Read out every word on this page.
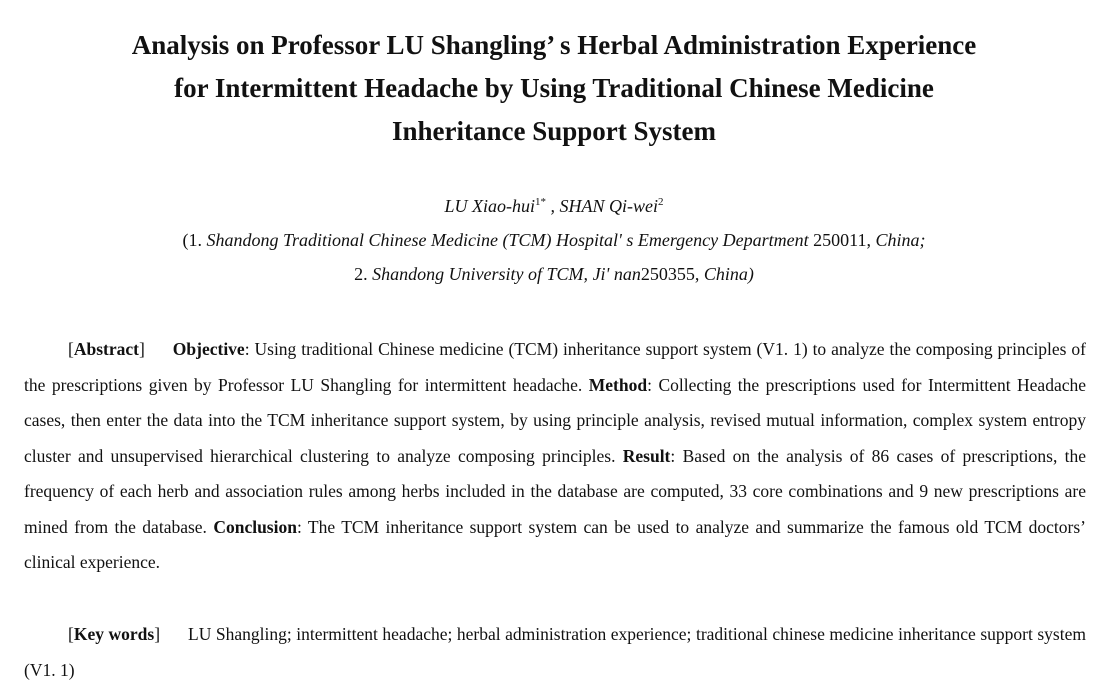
Analysis on Professor LU Shangling’ s Herbal Administration Experience
for Intermittent Headache by Using Traditional Chinese Medicine
Inheritance Support System
LU Xiao-hui$^{1*}$ , SHAN Qi-wei$^2$
(1. Shandong Traditional Chinese Medicine (TCM) Hospital' s Emergency Department 250011, China;
2. Shandong University of TCM, Ji' nan250355, China)

[Abstract] Objective: Using traditional Chinese medicine (TCM) inheritance support system (V1. 1) to analyze the composing principles of the prescriptions given by Professor LU Shangling for intermittent headache. Method: Collecting the prescriptions used for Intermittent Headache cases, then enter the data into the TCM inheritance support system, by using principle analysis, revised mutual information, complex system entropy cluster and unsupervised hierarchical clustering to analyze composing principles. Result: Based on the analysis of 86 cases of prescriptions, the frequency of each herb and association rules among herbs included in the database are computed, 33 core combinations and 9 new prescriptions are mined from the database. Conclusion: The TCM inheritance support system can be used to analyze and summarize the famous old TCM doctors’ clinical experience.

[Key words] LU Shangling; intermittent headache; herbal administration experience; traditional chinese medicine inheritance support system (V1. 1)
